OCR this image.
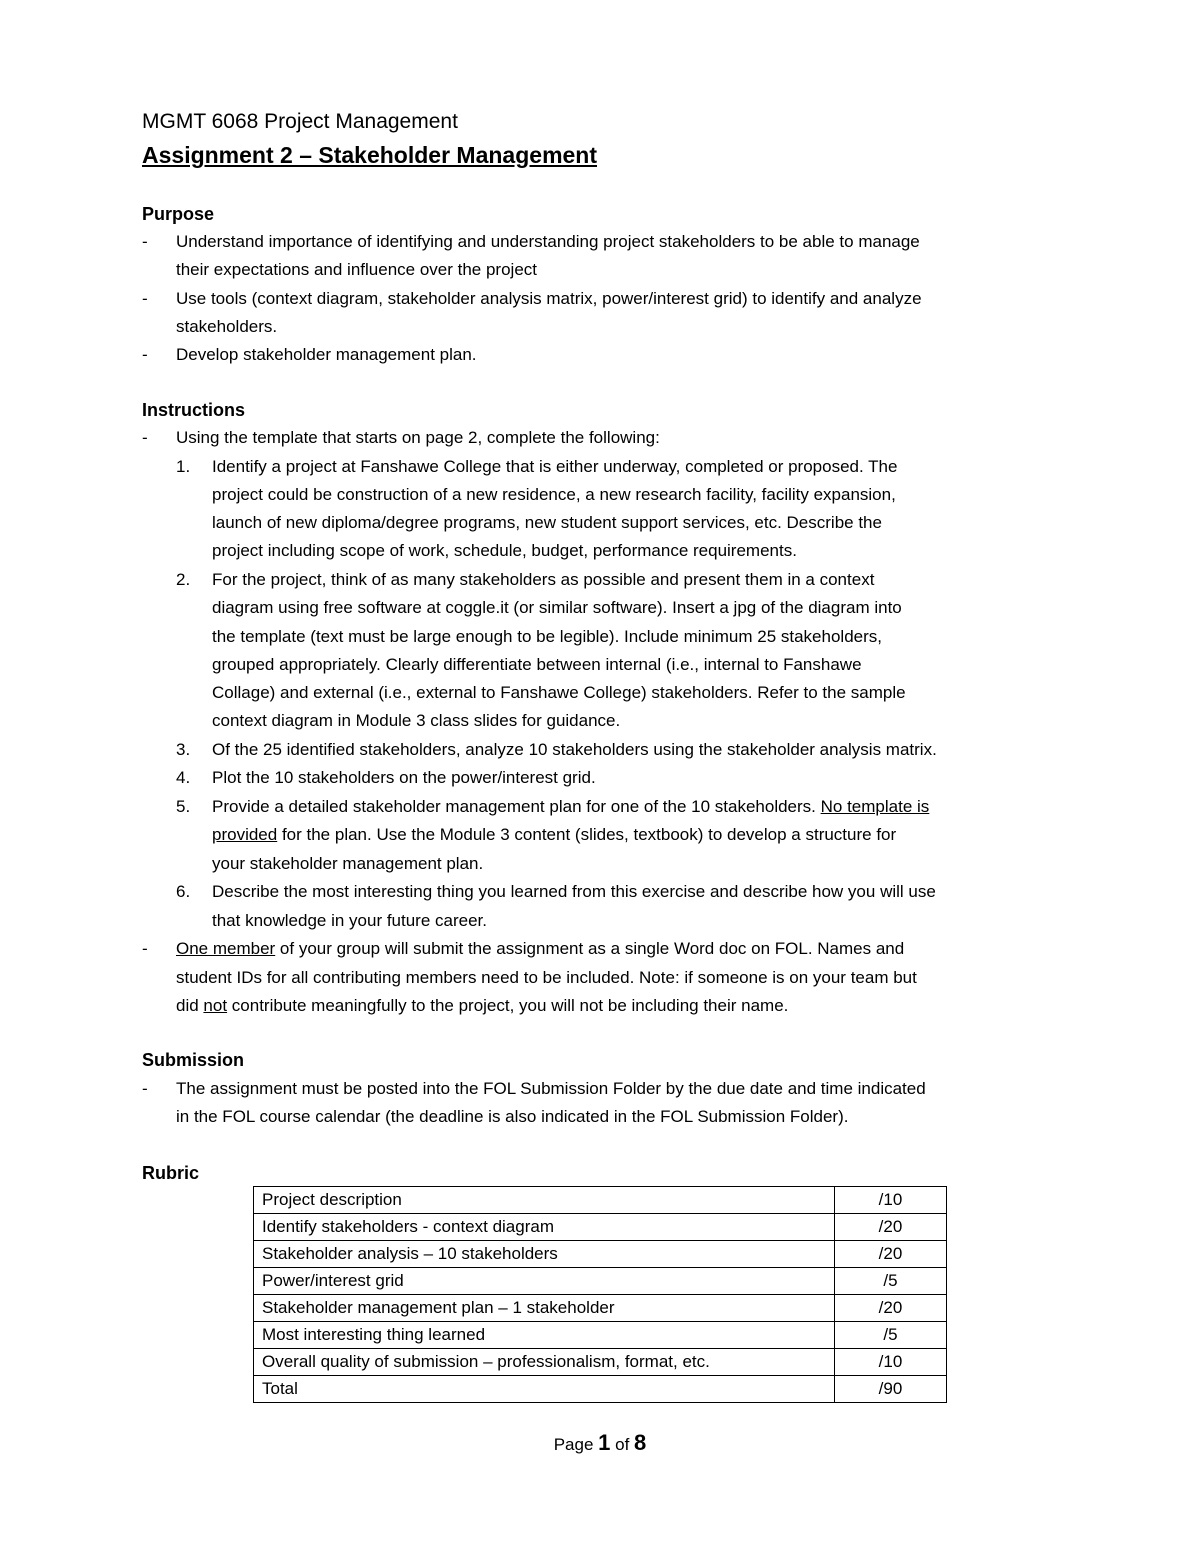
MGMT 6068 Project Management
Assignment 2 – Stakeholder Management
Purpose
- Understand importance of identifying and understanding project stakeholders to be able to manage
their expectations and influence over the project
- Use tools (context diagram, stakeholder analysis matrix, power/interest grid) to identify and analyze
stakeholders.
- Develop stakeholder management plan.
Instructions
- Using the template that starts on page 2, complete the following:
1. Identify a project at Fanshawe College that is either underway, completed or proposed. The
project could be construction of a new residence, a new research facility, facility expansion,
launch of new diploma/degree programs, new student support services, etc. Describe the
project including scope of work, schedule, budget, performance requirements.
2. For the project, think of as many stakeholders as possible and present them in a context
diagram using free software at coggle.it (or similar software). Insert a jpg of the diagram into
the template (text must be large enough to be legible). Include minimum 25 stakeholders,
grouped appropriately. Clearly differentiate between internal (i.e., internal to Fanshawe
Collage) and external (i.e., external to Fanshawe College) stakeholders. Refer to the sample
context diagram in Module 3 class slides for guidance.
3. Of the 25 identified stakeholders, analyze 10 stakeholders using the stakeholder analysis matrix.
4. Plot the 10 stakeholders on the power/interest grid.
5. Provide a detailed stakeholder management plan for one of the 10 stakeholders. No template is
provided for the plan. Use the Module 3 content (slides, textbook) to develop a structure for
your stakeholder management plan.
6. Describe the most interesting thing you learned from this exercise and describe how you will use
that knowledge in your future career.
- One member of your group will submit the assignment as a single Word doc on FOL. Names and
student IDs for all contributing members need to be included. Note: if someone is on your team but
did not contribute meaningfully to the project, you will not be including their name.
Submission
- The assignment must be posted into the FOL Submission Folder by the due date and time indicated
in the FOL course calendar (the deadline is also indicated in the FOL Submission Folder).
Rubric
Project description	/10
Identify stakeholders - context diagram	/20
Stakeholder analysis – 10 stakeholders	/20
Power/interest grid	/5
Stakeholder management plan – 1 stakeholder	/20
Most interesting thing learned	/5
Overall quality of submission – professionalism, format, etc.	/10
Total	/90
Page 1 of 8
